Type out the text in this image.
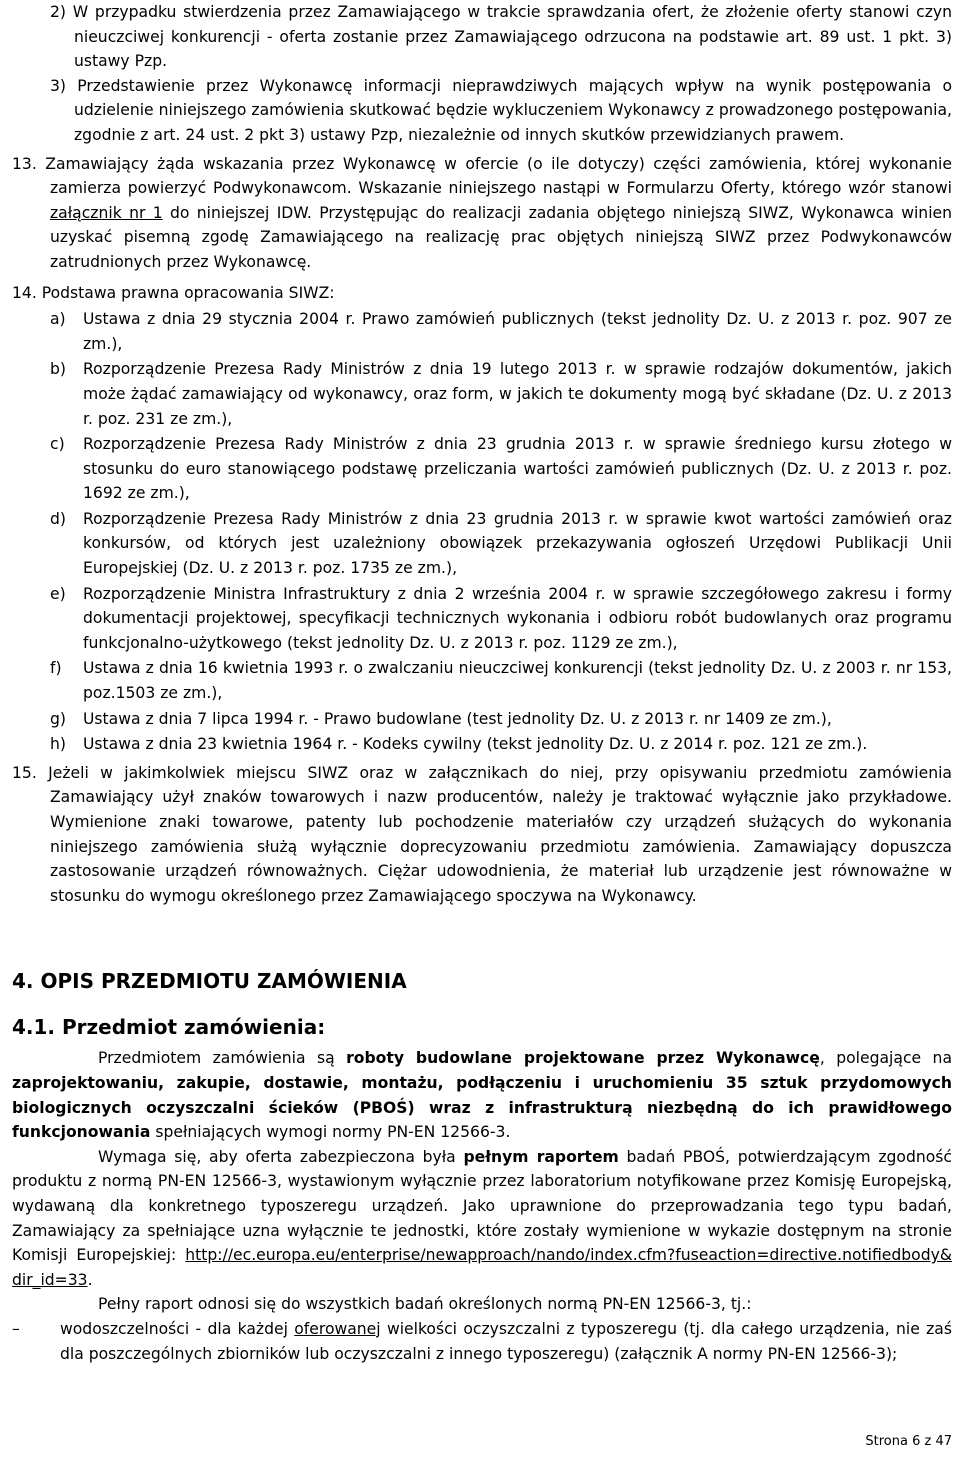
2) W przypadku stwierdzenia przez Zamawiającego w trakcie sprawdzania ofert, że złożenie oferty stanowi czyn nieuczciwej konkurencji - oferta zostanie przez Zamawiającego odrzucona na podstawie art. 89 ust. 1 pkt. 3) ustawy Pzp.

3) Przedstawienie przez Wykonawcę informacji nieprawdziwych mających wpływ na wynik postępowania o udzielenie niniejszego zamówienia skutkować będzie wykluczeniem Wykonawcy z prowadzonego postępowania, zgodnie z art. 24 ust. 2 pkt 3) ustawy Pzp, niezależnie od innych skutków przewidzianych prawem.

13. Zamawiający żąda wskazania przez Wykonawcę w ofercie (o ile dotyczy) części zamówienia, której wykonanie zamierza powierzyć Podwykonawcom. Wskazanie niniejszego nastąpi w Formularzu Oferty, którego wzór stanowi załącznik nr 1 do niniejszej IDW. Przystępując do realizacji zadania objętego niniejszą SIWZ, Wykonawca winien uzyskać pisemną zgodę Zamawiającego na realizację prac objętych niniejszą SIWZ przez Podwykonawców zatrudnionych przez Wykonawcę.

14. Podstawa prawna opracowania SIWZ:

a) Ustawa z dnia 29 stycznia 2004 r. Prawo zamówień publicznych (tekst jednolity Dz. U. z 2013 r. poz. 907 ze zm.),
b) Rozporządzenie Prezesa Rady Ministrów z dnia 19 lutego 2013 r. w sprawie rodzajów dokumentów, jakich może żądać zamawiający od wykonawcy, oraz form, w jakich te dokumenty mogą być składane (Dz. U. z 2013 r. poz. 231 ze zm.),
c) Rozporządzenie Prezesa Rady Ministrów z dnia 23 grudnia 2013 r. w sprawie średniego kursu złotego w stosunku do euro stanowiącego podstawę przeliczania wartości zamówień publicznych (Dz. U. z 2013 r. poz. 1692 ze zm.),
d) Rozporządzenie Prezesa Rady Ministrów z dnia 23 grudnia 2013 r. w sprawie kwot wartości zamówień oraz konkursów, od których jest uzależniony obowiązek przekazywania ogłoszeń Urzędowi Publikacji Unii Europejskiej (Dz. U. z 2013 r. poz. 1735 ze zm.),
e) Rozporządzenie Ministra Infrastruktury z dnia 2 września 2004 r. w sprawie szczegółowego zakresu i formy dokumentacji projektowej, specyfikacji technicznych wykonania i odbioru robót budowlanych oraz programu funkcjonalno-użytkowego (tekst jednolity Dz. U. z 2013 r. poz. 1129 ze zm.),
f) Ustawa z dnia 16 kwietnia 1993 r. o zwalczaniu nieuczciwej konkurencji (tekst jednolity Dz. U. z 2003 r. nr 153, poz.1503 ze zm.),
g) Ustawa z dnia 7 lipca 1994 r. - Prawo budowlane (test jednolity Dz. U. z 2013 r. nr 1409 ze zm.),
h) Ustawa z dnia 23 kwietnia 1964 r. - Kodeks cywilny (tekst jednolity Dz. U. z 2014 r. poz. 121 ze zm.).

15. Jeżeli w jakimkolwiek miejscu SIWZ oraz w załącznikach do niej, przy opisywaniu przedmiotu zamówienia Zamawiający użył znaków towarowych i nazw producentów, należy je traktować wyłącznie jako przykładowe. Wymienione znaki towarowe, patenty lub pochodzenie materiałów czy urządzeń służących do wykonania niniejszego zamówienia służą wyłącznie doprecyzowaniu przedmiotu zamówienia. Zamawiający dopuszcza zastosowanie urządzeń równoważnych. Ciężar udowodnienia, że materiał lub urządzenie jest równoważne w stosunku do wymogu określonego przez Zamawiającego spoczywa na Wykonawcy.

4. OPIS PRZEDMIOTU ZAMÓWIENIA
4.1. Przedmiot zamówienia:

Przedmiotem zamówienia są roboty budowlane projektowane przez Wykonawcę, polegające na zaprojektowaniu, zakupie, dostawie, montażu, podłączeniu i uruchomieniu 35 sztuk przydomowych biologicznych oczyszczalni ścieków (PBOŚ) wraz z infrastrukturą niezbędną do ich prawidłowego funkcjonowania spełniających wymogi normy PN-EN 12566-3.

Wymaga się, aby oferta zabezpieczona była pełnym raportem badań PBOŚ, potwierdzającym zgodność produktu z normą PN-EN 12566-3, wystawionym wyłącznie przez laboratorium notyfikowane przez Komisję Europejską, wydawaną dla konkretnego typoszeregu urządzeń. Jako uprawnione do przeprowadzania tego typu badań, Zamawiający za spełniające uzna wyłącznie te jednostki, które zostały wymienione w wykazie dostępnym na stronie Komisji Europejskiej: http://ec.europa.eu/enterprise/newapproach/nando/index.cfm?fuseaction=directive.notifiedbody&dir_id=33.

Pełny raport odnosi się do wszystkich badań określonych normą PN-EN 12566-3, tj.:

–	wodoszczelności - dla każdej oferowanej wielkości oczyszczalni z typoszeregu (tj. dla całego urządzenia, nie zaś dla poszczególnych zbiorników lub oczyszczalni z innego typoszeregu) (załącznik A normy PN-EN 12566-3);
Strona 6 z 47
